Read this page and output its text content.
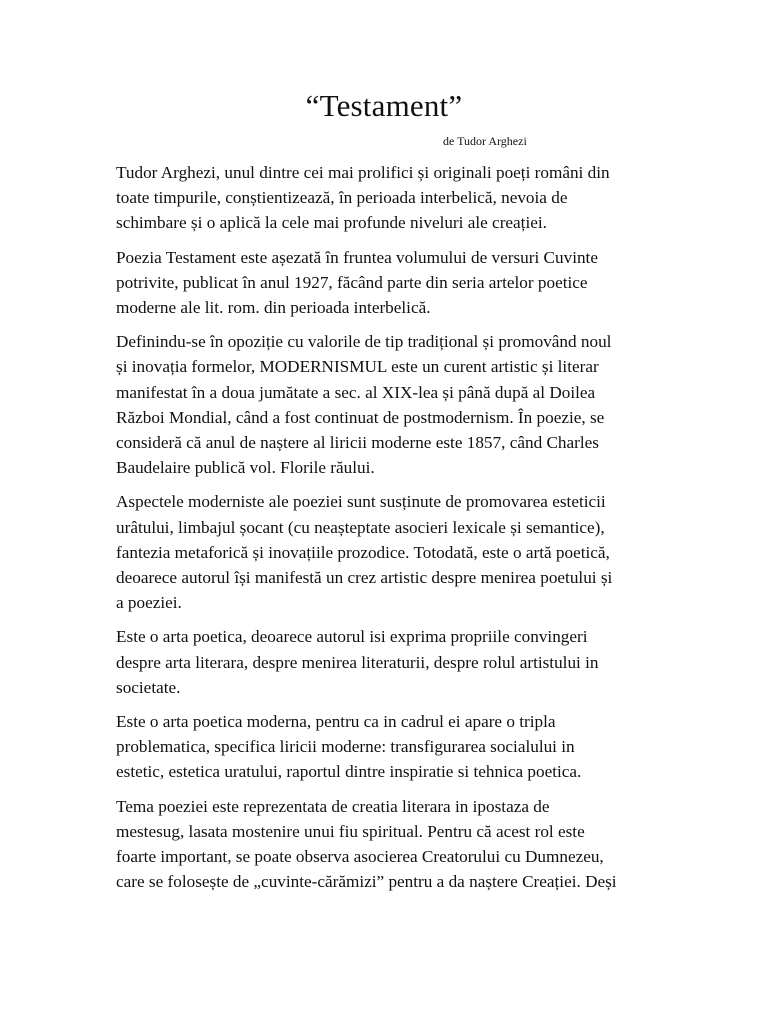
“Testament”

de Tudor Arghezi

Tudor Arghezi, unul dintre cei mai prolifici și originali poeți români din
toate timpurile, conștientizează, în perioada interbelică, nevoia de
schimbare și o aplică la cele mai profunde niveluri ale creației.

Poezia Testament este așezată în fruntea volumului de versuri Cuvinte
potrivite, publicat în anul 1927, făcând parte din seria artelor poetice
moderne ale lit. rom. din perioada interbelică.

Definindu-se în opoziție cu valorile de tip tradițional și promovând noul
și inovația formelor, MODERNISMUL este un curent artistic și literar
manifestat în a doua jumătate a sec. al XIX-lea și până după al Doilea
Război Mondial, când a fost continuat de postmodernism. În poezie, se
consideră că anul de naștere al liricii moderne este 1857, când Charles
Baudelaire publică vol. Florile răului.

Aspectele moderniste ale poeziei sunt susținute de promovarea esteticii
urâtului, limbajul șocant (cu neașteptate asocieri lexicale și semantice),
fantezia metaforică și inovațiile prozodice. Totodată, este o artă poetică,
deoarece autorul își manifestă un crez artistic despre menirea poetului și
a poeziei.

Este o arta poetica, deoarece autorul isi exprima propriile convingeri
despre arta literara, despre menirea literaturii, despre rolul artistului in
societate.

Este o arta poetica moderna, pentru ca in cadrul ei apare o tripla
problematica, specifica liricii moderne: transfigurarea socialului in
estetic, estetica uratului, raportul dintre inspiratie si tehnica poetica.

Tema poeziei este reprezentata de creatia literara in ipostaza de
mestesug, lasata mostenire unui fiu spiritual. Pentru că acest rol este
foarte important, se poate observa asocierea Creatorului cu Dumnezeu,
care se folosește de „cuvinte-cărămizi” pentru a da naștere Creației. Deși
